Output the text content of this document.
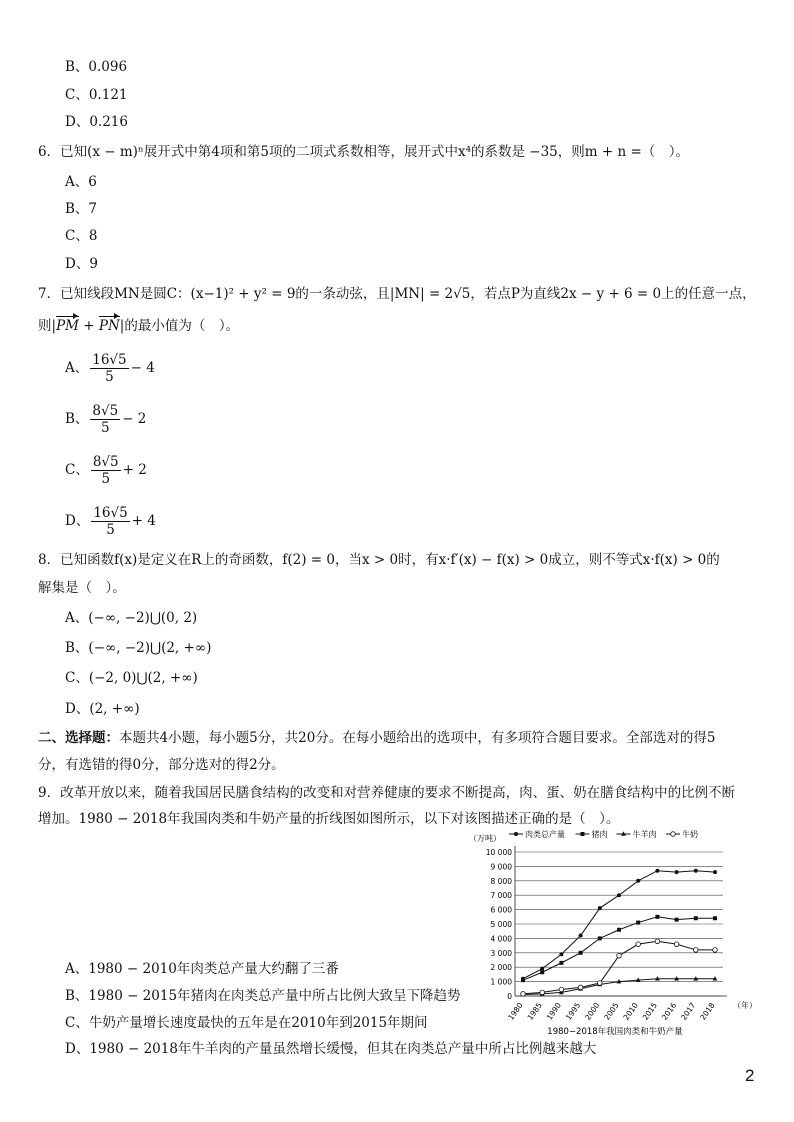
B、0.096
C、0.121
D、0.216
6．已知(x − m)ⁿ展开式中第4项和第5项的二项式系数相等，展开式中x⁴的系数是 −35，则m + n =（　）。
A、6
B、7
C、8
D、9
7．已知线段MN是圆C：(x−1)² + y² = 9的一条动弦，且|MN| = 2√5，若点P为直线2x − y + 6 = 0上的任意一点，
则|PM + PN|的最小值为（　）。
A、 $\frac{16√5}{5} - 4$
B、 $\frac{8√5}{5} - 2$
C、 $\frac{8√5}{5} + 2$
D、 $\frac{16√5}{5} + 4$
8．已知函数f(x)是定义在R上的奇函数，f(2) = 0，当x > 0时，有x·f′(x) − f(x) > 0成立，则不等式x·f(x) > 0的
解集是（　）。
A、(−∞, −2)⋃(0, 2)
B、(−∞, −2)⋃(2, +∞)
C、(−2, 0)⋃(2, +∞)
D、(2, +∞)
二、选择题：本题共4小题，每小题5分，共20分。在每小题给出的选项中，有多项符合题目要求。全部选对的得5
分，有选错的得0分，部分选对的得2分。
9．改革开放以来，随着我国居民膳食结构的改变和对营养健康的要求不断提高，肉、蛋、奶在膳食结构中的比例不断
增加。1980 − 2018年我国肉类和牛奶产量的折线图如图所示，以下对该图描述正确的是（　）。
A、1980 − 2010年肉类总产量大约翻了三番
B、1980 − 2015年猪肉在肉类总产量中所占比例大致呈下降趋势
C、牛奶产量增长速度最快的五年是在2010年到2015年期间
D、1980 − 2018年牛羊肉的产量虽然增长缓慢，但其在肉类总产量中所占比例越来越大
肉类总产量	猪肉	牛羊肉	牛奶
（万吨）
0
1 000
2 000
3 000
4 000
5 000
6 000
7 000
8 000
9 000
10 000
1980 1985 1990 1995 2000 2005 2010 2015 2016 2017 2018 （年）
1980−2018年我国肉类和牛奶产量
2
